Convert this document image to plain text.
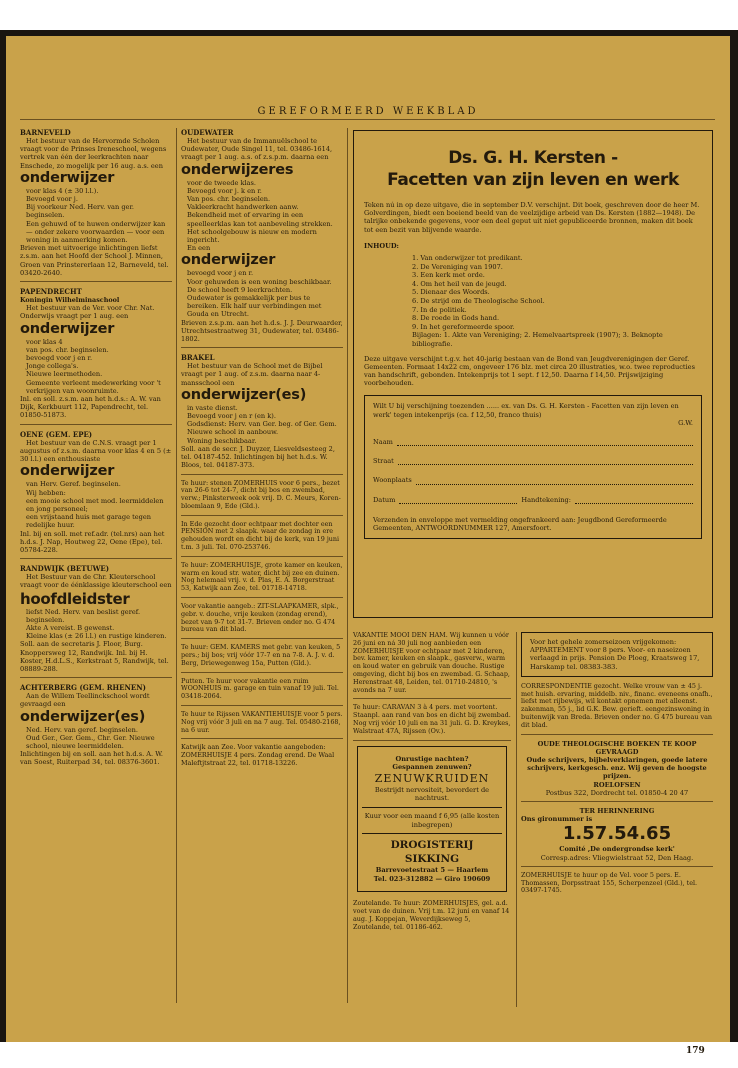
GEREFORMEERD WEEKBLAD
BARNEVELD
Het bestuur van de Hervormde Scholen vraagt voor de Prinses Ireneschool, wegens vertrek van één der leerkrachten naar Enschede, zo mogelijk per 16 aug. a.s. een
onderwijzer
voor klas 4 (± 30 l.l.).
Bevoegd voor j.
Bij voorkeur Ned. Herv. van ger. beginselen.
Een gehuwd of te huwen onderwijzer kan — onder zekere voorwaarden — voor een woning in aanmerking komen.
Brieven met uitvoerige inlichtingen liefst z.s.m. aan het Hoofd der School J. Minnen, Groen van Prinstererlaan 12, Barneveld, tel. 03420-2640.
PAPENDRECHT
Koningin Wilhelminaschool
Het bestuur van de Ver. voor Chr. Nat. Onderwijs vraagt per 1 aug. een
onderwijzer
voor klas 4
van pos. chr. beginselen.
bevoegd voor j en r.
Jonge collega's.
Nieuwe leermethoden.
Gemeente verleent medewerking voor 't verkrijgen van woonruimte.
Inl. en soll. z.s.m. aan het h.d.s.: A. W. van Dijk, Kerkbuurt 112, Papendrecht, tel. 01850-51873.
OENE (GEM. EPE)
Het bestuur van de C.N.S. vraagt per 1 augustus of z.s.m. daarna voor klas 4 en 5 (± 30 l.l.) een enthousiaste
onderwijzer
van Herv. Geref. beginselen.
Wij hebben:
een mooie school met mod. leermiddelen en jong personeel;
een vrijstaand huis met garage tegen redelijke huur.
Inl. bij en soll. met ref.adr. (tel.nrs) aan het h.d.s. J. Nap, Houtweg 22, Oene (Epe), tel. 05784-228.
RANDWIJK (BETUWE)
Het Bestuur van de Chr. Kleuterschool vraagt voor de éénklassige kleuterschool een
hoofdleidster
liefst Ned. Herv. van beslist geref. beginselen.
Akte A vereist. B gewenst.
Kleine klas (± 26 l.l.) en rustige kinderen.
Soll. aan de secretaris J. Floor, Burg. Knoppersweg 12, Randwijk. Inl. bij H. Koster, H.d.L.S., Kerkstraat 5, Randwijk, tel. 08889-288.
ACHTERBERG (GEM. RHENEN)
Aan de Willem Teellinckschool wordt gevraagd een
onderwijzer(es)
Ned. Herv. van geref. beginselen.
Oud Ger., Ger. Gem., Chr. Ger. Nieuwe school, nieuwe leermiddelen.
Inlichtingen bij en soll. aan het h.d.s. A. W. van Soest, Ruiterpad 34, tel. 08376-3601.
OUDEWATER
Het bestuur van de Immanuëlschool te Oudewater, Oude Singel 11, tel. 03486-1614, vraagt per 1 aug. a.s. of z.s.p.m. daarna een
onderwijzeres
voor de tweede klas.
Bevoegd voor j. k en r.
Van pos. chr. beginselen.
Vakleerkracht handwerken aanw.
Bekendheid met of ervaring in een speelleerklas kan tot aanbeveling strekken. Het schoolgebouw is nieuw en modern ingericht.
En een
onderwijzer
bevoegd voor j en r.
Voor gehuwden is een woning beschikbaar.
De school heeft 9 leerkrachten.
Oudewater is gemakkelijk per bus te bereiken. Elk half uur verbindingen met Gouda en Utrecht.
Brieven z.s.p.m. aan het h.d.s. J. J. Deurwaarder, Utrechtsestraatweg 31, Oudewater, tel. 03486-1802.
BRAKEL
Het bestuur van de School met de Bijbel vraagt per 1 aug. of z.s.m. daarna naar 4-mansschool een
onderwijzer(es)
in vaste dienst.
Bevoegd voor j en r (en k).
Godsdienst: Herv. van Ger. beg. of Ger. Gem.
Nieuwe school in aanbouw.
Woning beschikbaar.
Soll. aan de secr. J. Duyzer, Liesveldsesteeg 2, tel. 04187-452. Inlichtingen bij het h.d.s. W. Bloos, tel. 04187-373.
Te huur: stenen ZOMERHUIS voor 6 pers., bezet van 26-6 tot 24-7, dicht bij bos en zwembad, verw.; Pinksterweek ook vrij. D. C. Meurs, Korenbloemlaan 9, Ede (Gld.).
In Ede gezocht door echtpaar met dochter een PENSION met 2 slaapk. waar de zondag in ere gehouden wordt en dicht bij de kerk, van 19 juni t.m. 3 juli. Tel. 070-253746.
Te huur: ZOMERHUISJE, grote kamer en keuken, warm en koud str. water, dicht bij zee en duinen. Nog helemaal vrij. v. d. Plas, E. A. Borgerstraat 53, Katwijk aan Zee, tel. 01718-14718.
Voor vakantie aangeb.: ZIT-SLAAPKAMER, slpk., gebr. v. douche, vrije keuken (zondag erend), bezet van 9-7 tot 31-7. Brieven onder no. G 474 bureau van dit blad.
Te huur: GEM. KAMERS met gebr. van keuken, 5 pers.; bij bos; vrij vóór 17-7 en na 7-8. A. J. v. d. Berg, Driewegenweg 15a, Putten (Gld.).
Putten. Te huur voor vakantie een ruim WOONHUIS m. garage en tuin vanaf 19 juli. Tel. 03418-2064.
Te huur te Rijssen VAKANTIEHUISJE voor 5 pers. Nog vrij vóór 3 juli en na 7 aug. Tel. 05480-2168, na 6 uur.
Katwijk aan Zee. Voor vakantie aangeboden: ZOMERHUISJE 4 pers. Zondag erend. De Waal Maleftjtstraat 22, tel. 01718-13226.
Ds. G. H. Kersten -
Facetten van zijn leven en werk
Teken nú in op deze uitgave, die in september D.V. verschijnt. Dit boek, geschreven door de heer M. Golverdingen, biedt een boeiend beeld van de veelzijdige arbeid van Ds. Kersten (1882—1948). De talrijke onbekende gegevens, voor een deel geput uit niet gepubliceerde bronnen, maken dit boek tot een bezit van blijvende waarde.
INHOUD:
1. Van onderwijzer tot predikant.
2. De Vereniging van 1907.
3. Een kerk met orde.
4. Om het heil van de jeugd.
5. Dienaar des Woords.
6. De strijd om de Theologische School.
7. In de politiek.
8. De roede in Gods hand.
9. In het gereformeerde spoor.
Bijlagen: 1. Akte van Vereniging; 2. Hemelvaartspreek (1907); 3. Beknopte bibliografie.
Deze uitgave verschijnt t.g.v. het 40-jarig bestaan van de Bond van Jeugdverenigingen der Geref. Gemeenten. Formaat 14x22 cm, ongeveer 176 blz. met circa 20 illustraties, w.o. twee reproducties van handschrift, gebonden. Intekenprijs tot 1 sept. f 12,50. Daarna f 14,50. Prijswijziging voorbehouden.
Wilt U bij verschijning toezenden ...... ex. van Ds. G. H. Kersten - Facetten van zijn leven en werk' tegen intekenprijs (ca. f 12,50, franco thuis)
G.W.
Naam
Straat
Woonplaats
Datum	Handtekening:
Verzenden in enveloppe met vermelding ongefrankeerd aan: Jeugdbond Gereformeerde Gemeenten, ANTWOORDNUMMER 127, Amersfoort.
VAKANTIE MOOI DEN HAM. Wij kunnen u vóór 26 juni en ná 30 juli nog aanbieden een ZOMERHUISJE voor echtpaar met 2 kinderen, bev. kamer, keuken en slaapk., gasverw., warm en koud water en gebruik van douche. Rustige omgeving, dicht bij bos en zwembad. G. Schaap, Herenstraat 48, Leiden, tel. 01710-24810, 's avonds na 7 uur.
Te huur: CARAVAN 3 à 4 pers. met voortent. Staanpl. aan rand van bos en dicht bij zwembad. Nog vrij vóór 10 juli en na 31 juli. G. D. Kreykes, Walstraat 47A, Rijssen (Ov.).
Onrustige nachten?
Gespannen zenuwen?
ZENUWKRUIDEN
Bestrijdt nervositeit, bevordert de nachtrust.
Kuur voor een maand f 6,95 (alle kosten inbegrepen)
DROGISTERIJ SIKKING
Barrevoetestraat 5 — Haarlem
Tel. 023-312882 — Giro 190609
Zoutelande. Te huur: ZOMERHUISJES, gel. a.d. voet van de duinen. Vrij t.m. 12 juni en vanaf 14 aug. J. Koppejan, Weverdijkseweg 5, Zoutelande, tel. 01186-462.
Voor het gehele zomerseizoen vrijgekomen: APPARTEMENT voor 8 pers. Voor- en naseizoen verlaagd in prijs. Pension De Ploeg, Kraatsweg 17, Harskamp tel. 08383-383.
CORRESPONDENTIE gezocht. Welke vrouw van ± 45 j. met huish. ervaring, middelb. niv., financ. eveneens onafh., liefst met rijbewijs, wil kontakt opnemen met alleenst. zakenman, 55 j., lid G.K. Bew. gerieft. eengezinswoning in buitenwijk van Breda. Brieven onder no. G 475 bureau van dit blad.
OUDE THEOLOGISCHE BOEKEN TE KOOP GEVRAAGD
Oude schrijvers, bijbelverklaringen, goede latere schrijvers, kerkgesch. enz. Wij geven de hoogste prijzen.
ROELOFSEN
Postbus 322, Dordrecht tel. 01850-4 20 47
TER HERINNERING
Ons gironummer is
1.57.54.65
Comité ,De ondergrondse kerk'
Corresp.adres: Vliegwielstraat 52, Den Haag.
ZOMERHUISJE te huur op de Vel. voor 5 pers. E. Thomassen, Dorpsstraat 155, Scherpenzeel (Gld.), tel. 03497-1745.
179
